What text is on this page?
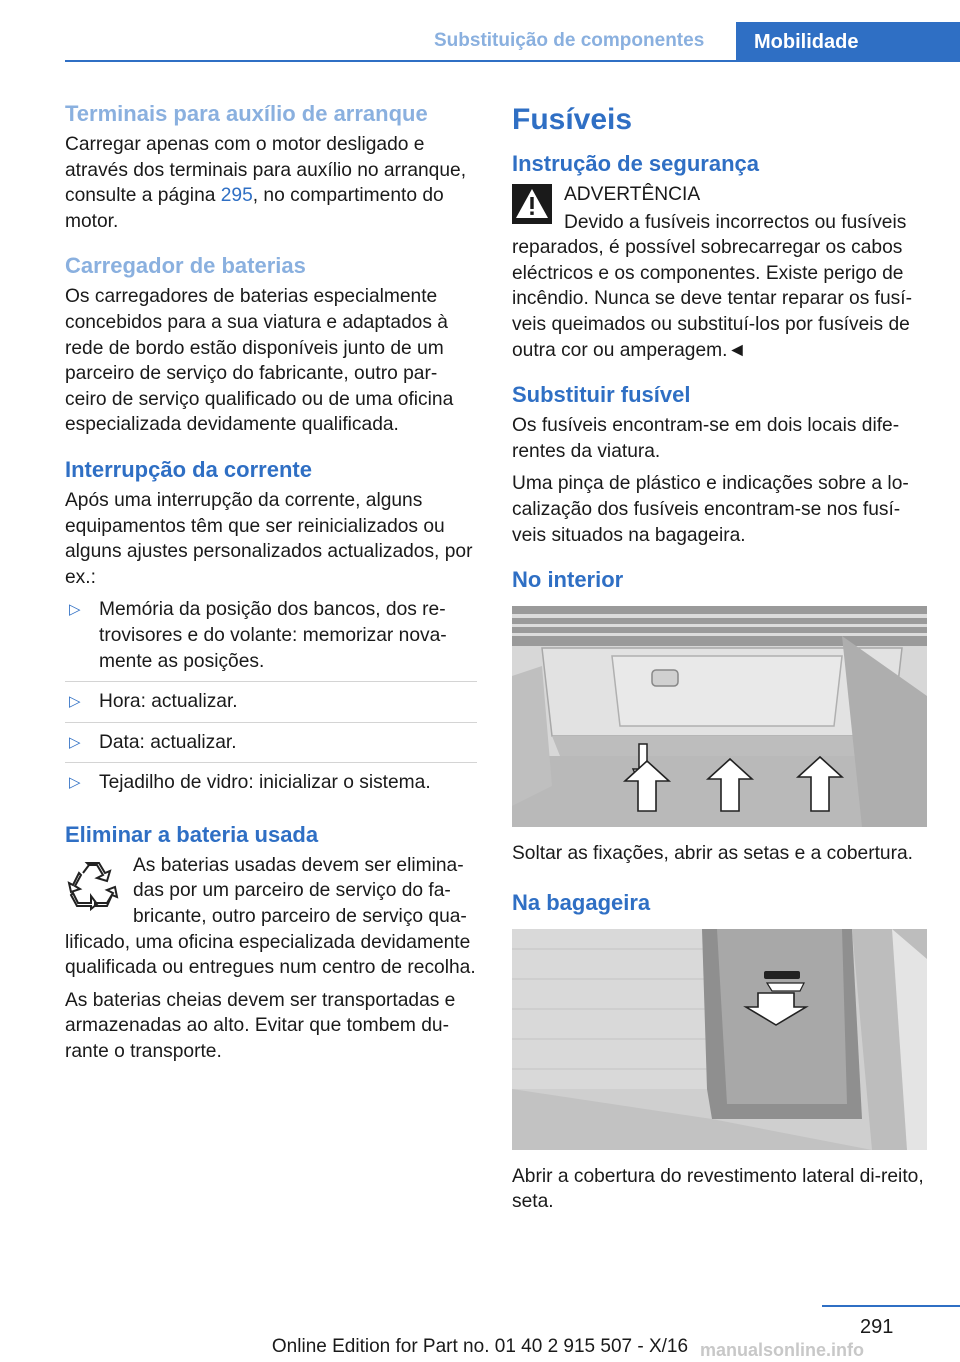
Substituição de componentes	Mobilidade
Terminais para auxílio de arranque

Carregar apenas com o motor desligado e através dos terminais para auxílio no arranque, consulte a página 295, no compartimento do motor.

Carregador de baterias

Os carregadores de baterias especialmente concebidos para a sua viatura e adaptados à rede de bordo estão disponíveis junto de um parceiro de serviço do fabricante, outro par-ceiro de serviço qualificado ou de uma oficina especializada devidamente qualificada.

Interrupção da corrente

Após uma interrupção da corrente, alguns equipamentos têm que ser reinicializados ou alguns ajustes personalizados actualizados, por ex.:

▷ Memória da posição dos bancos, dos re-trovisores e do volante: memorizar nova-mente as posições.
▷ Hora: actualizar.
▷ Data: actualizar.
▷ Tejadilho de vidro: inicializar o sistema.
Eliminar a bateria usada

As baterias usadas devem ser elimina-das por um parceiro de serviço do fa-bricante, outro parceiro de serviço qua-lificado, uma oficina especializada devidamente qualificada ou entregues num centro de recolha.

As baterias cheias devem ser transportadas e armazenadas ao alto. Evitar que tombem du-rante o transporte.

Fusíveis
Instrução de segurança

ADVERTÊNCIA

Devido a fusíveis incorrectos ou fusíveis reparados, é possível sobrecarregar os cabos eléctricos e os componentes. Existe perigo de incêndio. Nunca se deve tentar reparar os fusí-veis queimados ou substituí-los por fusíveis de outra cor ou amperagem.◄

Substituir fusível

Os fusíveis encontram-se em dois locais dife-rentes da viatura.

Uma pinça de plástico e indicações sobre a lo-calização dos fusíveis encontram-se nos fusí-veis situados na bagageira.

No interior

Soltar as fixações, abrir as setas e a cobertura.

Na bagageira

Abrir a cobertura do revestimento lateral di-reito, seta.

291
Online Edition for Part no. 01 40 2 915 507 - X/16 manualsonline.info
